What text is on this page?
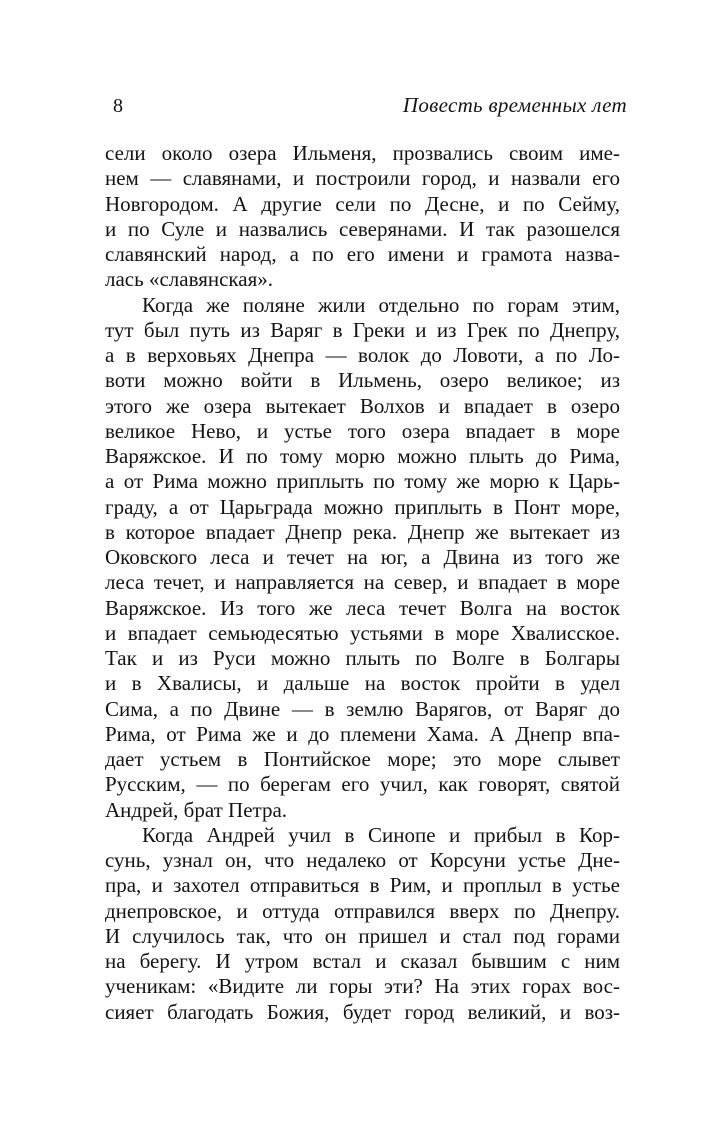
8	Повесть временных лет
сели около озера Ильменя, прозвались своим име-
нем — славянами, и построили город, и назвали его
Новгородом. А другие сели по Десне, и по Сейму,
и по Суле и назвались северянами. И так разошелся
славянский народ, а по его имени и грамота назва-
лась «славянская».
Когда же поляне жили отдельно по горам этим,
тут был путь из Варяг в Греки и из Грек по Днепру,
а в верховьях Днепра — волок до Ловоти, а по Ло-
воти можно войти в Ильмень, озеро великое; из
этого же озера вытекает Волхов и впадает в озеро
великое Нево, и устье того озера впадает в море
Варяжское. И по тому морю можно плыть до Рима,
а от Рима можно приплыть по тому же морю к Царь-
граду, а от Царьграда можно приплыть в Понт море,
в которое впадает Днепр река. Днепр же вытекает из
Оковского леса и течет на юг, а Двина из того же
леса течет, и направляется на север, и впадает в море
Варяжское. Из того же леса течет Волга на восток
и впадает семьюдесятью устьями в море Хвалисское.
Так и из Руси можно плыть по Волге в Болгары
и в Хвалисы, и дальше на восток пройти в удел
Сима, а по Двине — в землю Варягов, от Варяг до
Рима, от Рима же и до племени Хама. А Днепр впа-
дает устьем в Понтийское море; это море слывет
Русским, — по берегам его учил, как говорят, святой
Андрей, брат Петра.
Когда Андрей учил в Синопе и прибыл в Кор-
сунь, узнал он, что недалеко от Корсуни устье Дне-
пра, и захотел отправиться в Рим, и проплыл в устье
днепровское, и оттуда отправился вверх по Днепру.
И случилось так, что он пришел и стал под горами
на берегу. И утром встал и сказал бывшим с ним
ученикам: «Видите ли горы эти? На этих горах вос-
сияет благодать Божия, будет город великий, и воз-
